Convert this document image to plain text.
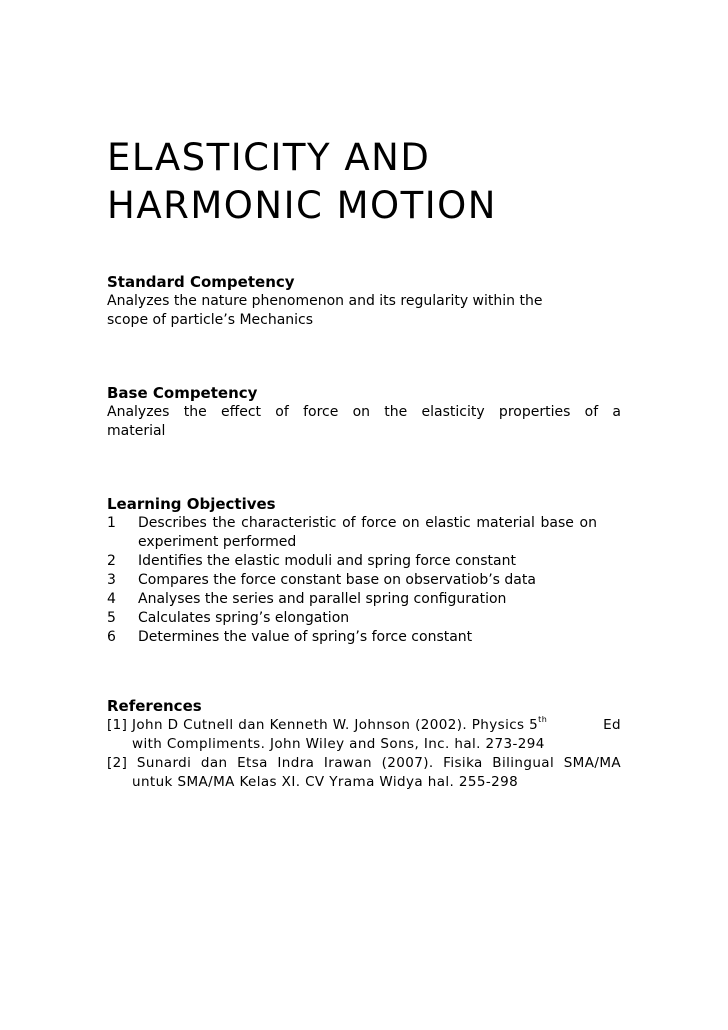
ELASTICITY AND
HARMONIC MOTION

Standard Competency

Analyzes the nature phenomenon and its regularity within the
scope of particle’s Mechanics

Base Competency

Analyzes the effect of force on the elasticity properties of a
material

Learning Objectives

1	Describes the characteristic of force on elastic material base on experiment performed
2	Identifies the elastic moduli and spring force constant
3	Compares the force constant base on observatiob’s data
4	Analyses the series and parallel spring configuration
5	Calculates spring’s elongation
6	Determines the value of spring’s force constant

References

[1] John D Cutnell dan Kenneth W. Johnson (2002). Physics 5th	Ed
with Compliments. John Wiley and Sons, Inc. hal. 273-294
[2] Sunardi dan Etsa Indra Irawan (2007). Fisika Bilingual SMA/MA
untuk SMA/MA Kelas XI. CV Yrama Widya hal. 255-298
